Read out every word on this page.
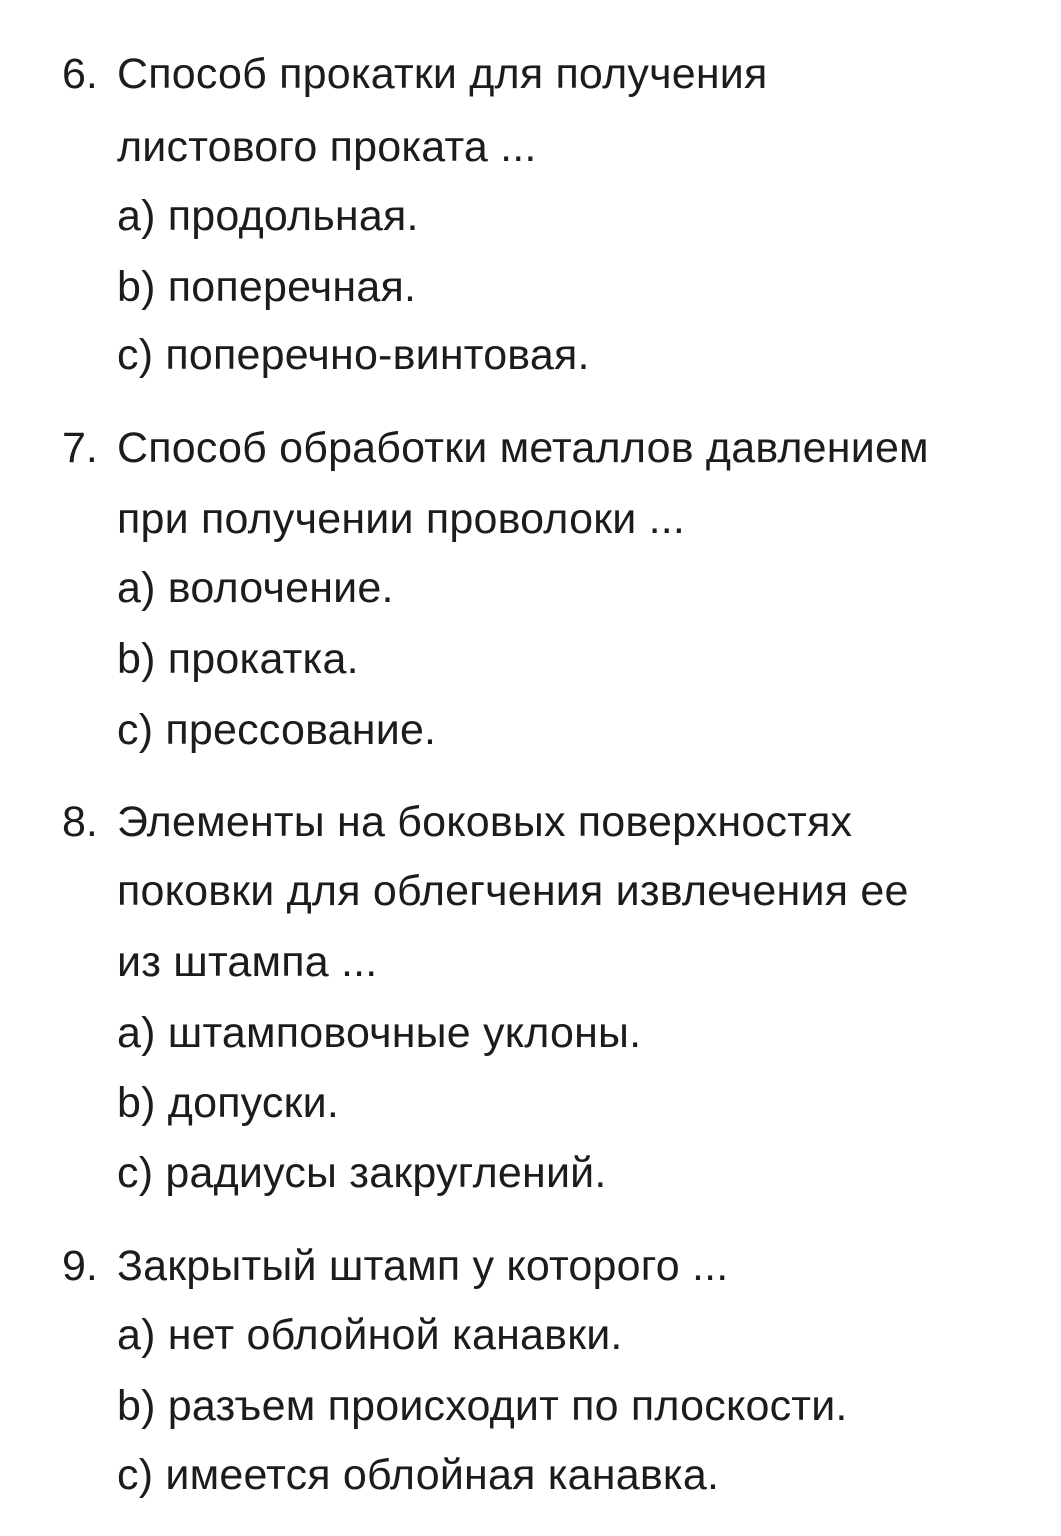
6. Способ прокатки для получения
листового проката ...
a) продольная.
b) поперечная.
c) поперечно-винтовая.
7. Способ обработки металлов давлением
при получении проволоки ...
a) волочение.
b) прокатка.
c) прессование.
8. Элементы на боковых поверхностях
поковки для облегчения извлечения ее
из штампа ...
a) штамповочные уклоны.
b) допуски.
c) радиусы закруглений.
9. Закрытый штамп у которого ...
a) нет облойной канавки.
b) разъем происходит по плоскости.
c) имеется облойная канавка.
